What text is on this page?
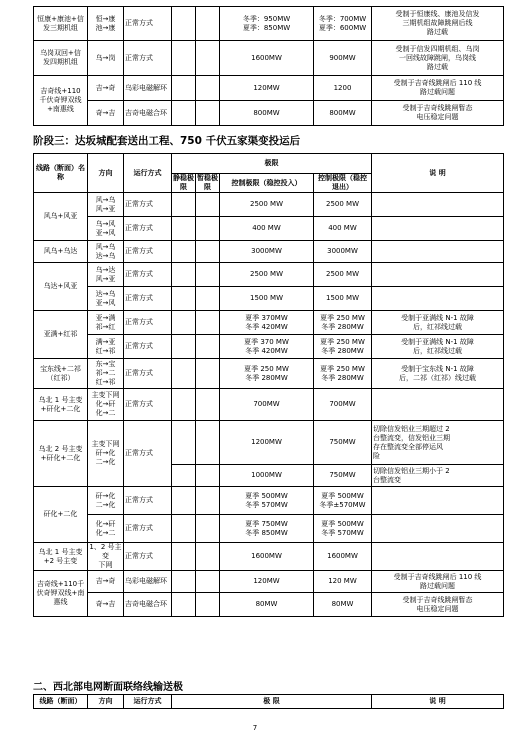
恒康+康池+信
发三期机组	恒→康
池→康	正常方式			冬季：950MW
夏季：850MW	冬季：700MW
夏季：600MW	受制于恒康线、康池及信发
三期机组故障跳闸后线
路过载

乌岗双回+信
发四期机组	乌→岗	正常方式			1600MW	900MW	受制于信发四期机组、乌岗
一回线故障跳闸，乌岗线
路过载

吉奇线+110
千伏奇钾双线
+南惠线	吉→奇	乌彩电磁解环			120MW	1200	受制于吉奇线跳闸后 110 线
路过载问题

	奇→吉	吉奇电磁合环			800MW	800MW	受制于吉奇线跳闸暂态
电压稳定问题
阶段三：达坂城配套送出工程、750 千伏五家渠变投运后
线路（断面）名称	方向	运行方式	极限				说 明
			静稳极限	暂稳极限	控制极限（稳控投入）	控制极限（稳控退出）	

风乌+风亚	风→乌
风→亚	正常方式			2500 MW	2500 MW	

	乌→风
亚→风	正常方式			400 MW	400 MW	

风乌+乌达	风→乌
达→乌	正常方式			3000MW	3000MW	

乌达+风亚	乌→达
风→亚	正常方式			2500 MW	2500 MW	

	达→乌
亚→风	正常方式			1500 MW	1500 MW	

亚满+红祁	亚→满
祁→红	正常方式			夏季 370MW
冬季 420MW	夏季 250 MW
冬季 280MW	受制于亚满线 N-1 故障
后，红祁线过载

	满→亚
红→祁	正常方式			夏季 370 MW
冬季 420MW	夏季 250 MW
冬季 280MW	受制于亚满线 N-1 故障
后，红祁线过载

宝东线+二祁（红祁）	东→宝
祁→二
红→祁	正常方式			夏季 250 MW
冬季 280MW	夏季 250 MW
冬季 280MW	受制于宝东线 N-1 故障
后，二祁（红祁）线过载

乌北 1 号主变+矸化+二化	主变下网
化→矸
化→二	正常方式			700MW	700MW	

乌北 2 号主变+矸化+二化	主变下网
矸→化
二→化	正常方式			1200MW	750MW	切除信发铝业三期超过 2
台整流变，信发铝业三期
存在整流变全部停运风
险

					1000MW	750MW	切除信发铝业三期小于 2
台整流变

矸化+二化	矸→化
二→化	正常方式			夏季 500MW
冬季 570MW	夏季 500MW
冬季±570MW	

	化→矸
化→二	正常方式			夏季 750MW
冬季 850MW	夏季 500MW
冬季 570MW	

乌北 1 号主变+2 号主变	1、2 号主变
下网	正常方式			1600MW	1600MW	

吉奇线+110千伏奇钾双线+南惠线	吉→奇	乌彩电磁解环			120MW	120 MW	受制于吉奇线跳闸后 110 线
路过载问题

	奇→吉	吉奇电磁合环			80MW	80MW	受制于吉奇线跳闸暂态
电压稳定问题
二、西北部电网断面联络线输送极
线路（断面）	方向	运行方式	极 限	说 明
7
